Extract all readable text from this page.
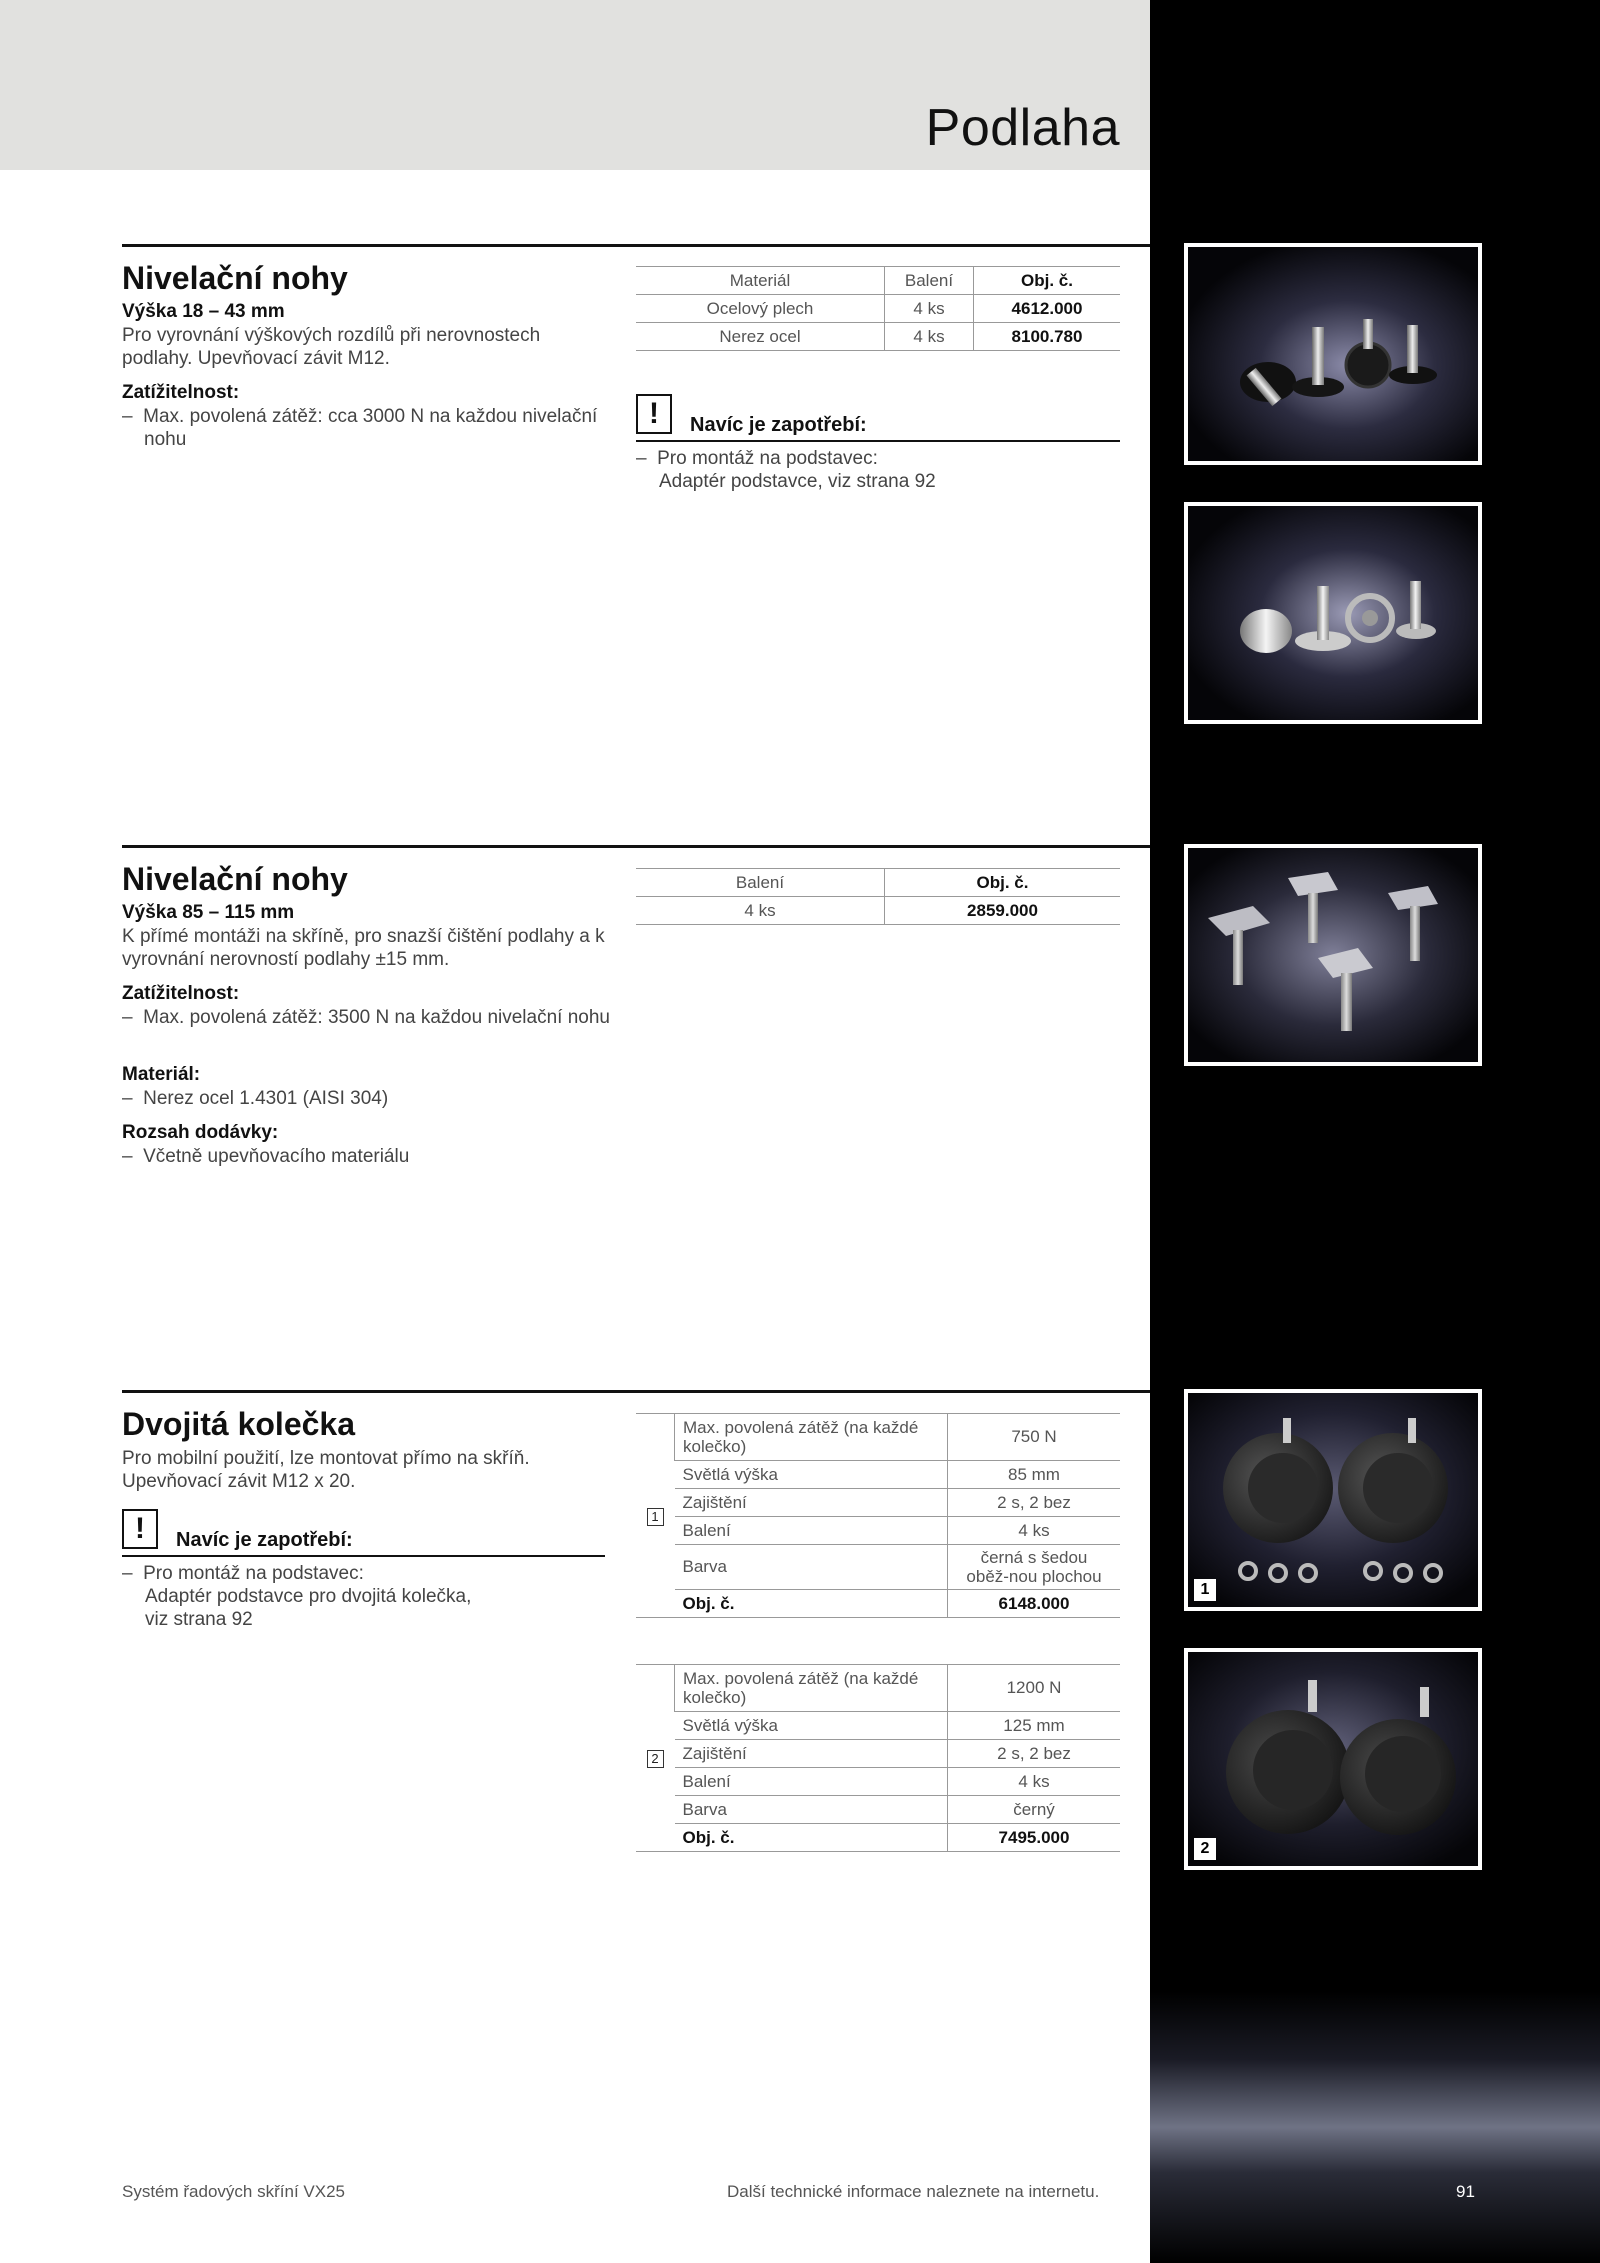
Podlaha
Nivelační nohy
Výška 18 – 43 mm
Pro vyrovnání výškových rozdílů při nerovnostech podlahy. Upevňovací závit M12.
Zatížitelnost:
–  Max. povolená zátěž: cca 3000 N na každou nivelační nohu
Materiál	Balení	Obj. č.
Ocelový plech	4 ks	4612.000
Nerez ocel	4 ks	8100.780
! Navíc je zapotřebí:
–  Pro montáž na podstavec:
Adaptér podstavce, viz strana 92
Nivelační nohy
Výška 85 – 115 mm
K přímé montáži na skříně, pro snazší čištění podlahy a k vyrovnání nerovností podlahy ±15 mm.
Zatížitelnost:
–  Max. povolená zátěž: 3500 N na každou nivelační nohu
Materiál:
–  Nerez ocel 1.4301 (AISI 304)
Rozsah dodávky:
–  Včetně upevňovacího materiálu
Balení	Obj. č.
4 ks	2859.000
Dvojitá kolečka
Pro mobilní použití, lze montovat přímo na skříň. Upevňovací závit M12 x 20.
! Navíc je zapotřebí:
–  Pro montáž na podstavec:
Adaptér podstavce pro dvojitá kolečka,
viz strana 92
1	Max. povolená zátěž (na každé kolečko)	750 N
	Světlá výška	85 mm
	Zajištění	2 s, 2 bez
	Balení	4 ks
	Barva	černá s šedou oběž-nou plochou
	Obj. č.	6148.000
2	Max. povolená zátěž (na každé kolečko)	1200 N
	Světlá výška	125 mm
	Zajištění	2 s, 2 bez
	Balení	4 ks
	Barva	černý
	Obj. č.	7495.000
1
2
Systém řadových skříní VX25	Další technické informace naleznete na internetu.	91
